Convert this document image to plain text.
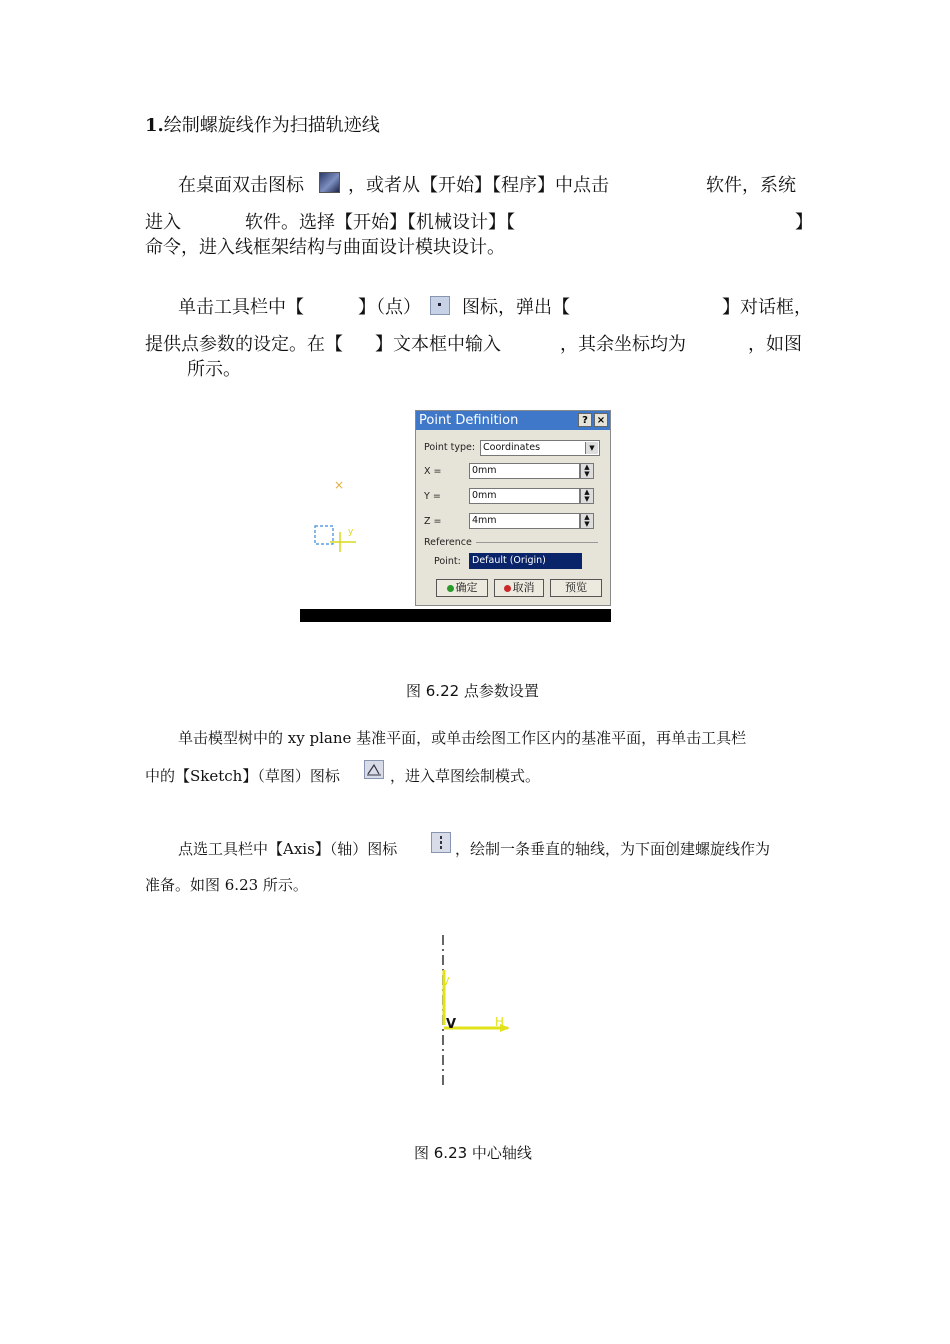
1.绘制螺旋线作为扫描轨迹线
在桌面双击图标 ，或者从【开始】【程序】中点击	软件，系统
进入	软件。选择【开始】【机械设计】【	】
命令，进入线框架结构与曲面设计模块设计。
单击工具栏中【	】（点） 图标，弹出【	】对话框，
提供点参数的设定。在【 】文本框中输入	，其余坐标均为	，如图
所示。
×
y
Point Definition	? ×
Point type: Coordinates	▼
X =	0mm	▲
▼
Y =	0mm	▲
▼
Z =	4mm	▲
▼
Reference
Point:	Default (Origin)
确定	取消	预览
图 6.22 点参数设置
单击模型树中的 xy plane 基准平面，或单击绘图工作区内的基准平面，再单击工具栏
中的【Sketch】（草图）图标	，进入草图绘制模式。
点选工具栏中【Axis】（轴）图标	，绘制一条垂直的轴线，为下面创建螺旋线作为
准备。如图 6.23 所示。
V
V	H
图 6.23 中心轴线
